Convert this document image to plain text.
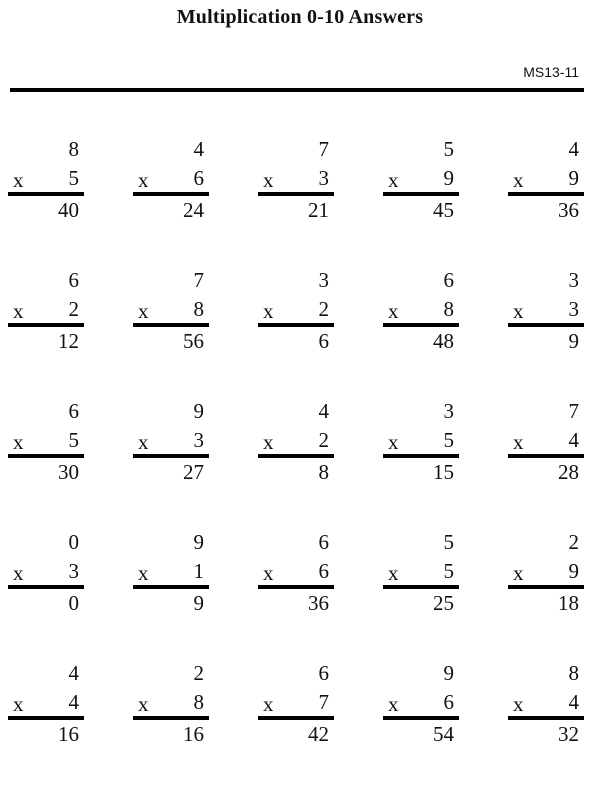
Multiplication 0-10 Answers
MS13-11
8
x 5
40
4
x 6
24
7
x 3
21
5
x 9
45
4
x 9
36
6
x 2
12
7
x 8
56
3
x 2
6
6
x 8
48
3
x 3
9
6
x 5
30
9
x 3
27
4
x 2
8
3
x 5
15
7
x 4
28
0
x 3
0
9
x 1
9
6
x 6
36
5
x 5
25
2
x 9
18
4
x 4
16
2
x 8
16
6
x 7
42
9
x 6
54
8
x 4
32
